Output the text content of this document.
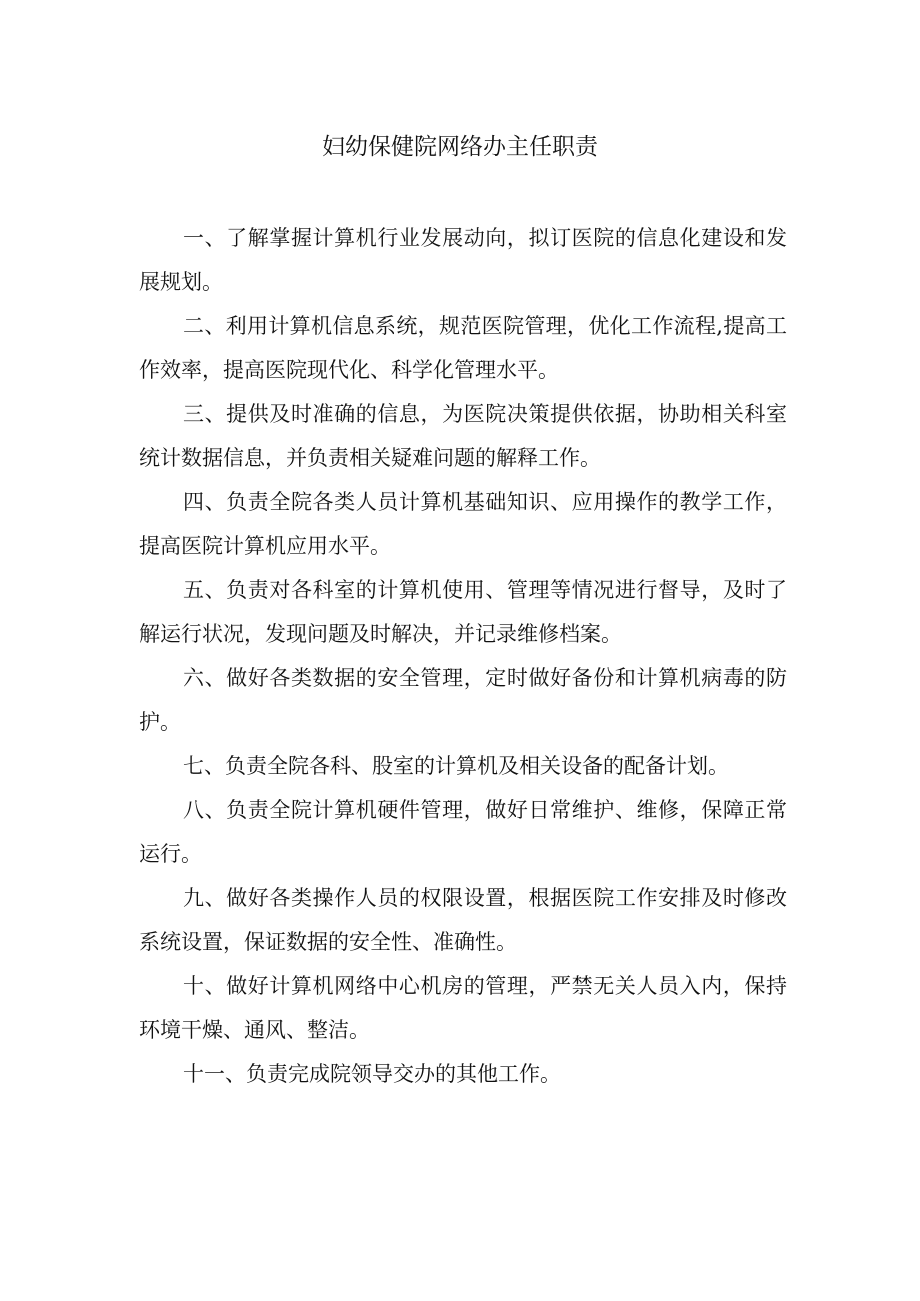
妇幼保健院网络办主任职责

一、了解掌握计算机行业发展动向，拟订医院的信息化建设和发展规划。

二、利用计算机信息系统，规范医院管理，优化工作流程,提高工作效率，提高医院现代化、科学化管理水平。

三、提供及时准确的信息，为医院决策提供依据，协助相关科室统计数据信息，并负责相关疑难问题的解释工作。

四、负责全院各类人员计算机基础知识、应用操作的教学工作，提高医院计算机应用水平。

五、负责对各科室的计算机使用、管理等情况进行督导，及时了解运行状况，发现问题及时解决，并记录维修档案。

六、做好各类数据的安全管理，定时做好备份和计算机病毒的防护。

七、负责全院各科、股室的计算机及相关设备的配备计划。

八、负责全院计算机硬件管理，做好日常维护、维修，保障正常运行。

九、做好各类操作人员的权限设置，根据医院工作安排及时修改系统设置，保证数据的安全性、准确性。

十、做好计算机网络中心机房的管理，严禁无关人员入内，保持环境干燥、通风、整洁。

十一、负责完成院领导交办的其他工作。
